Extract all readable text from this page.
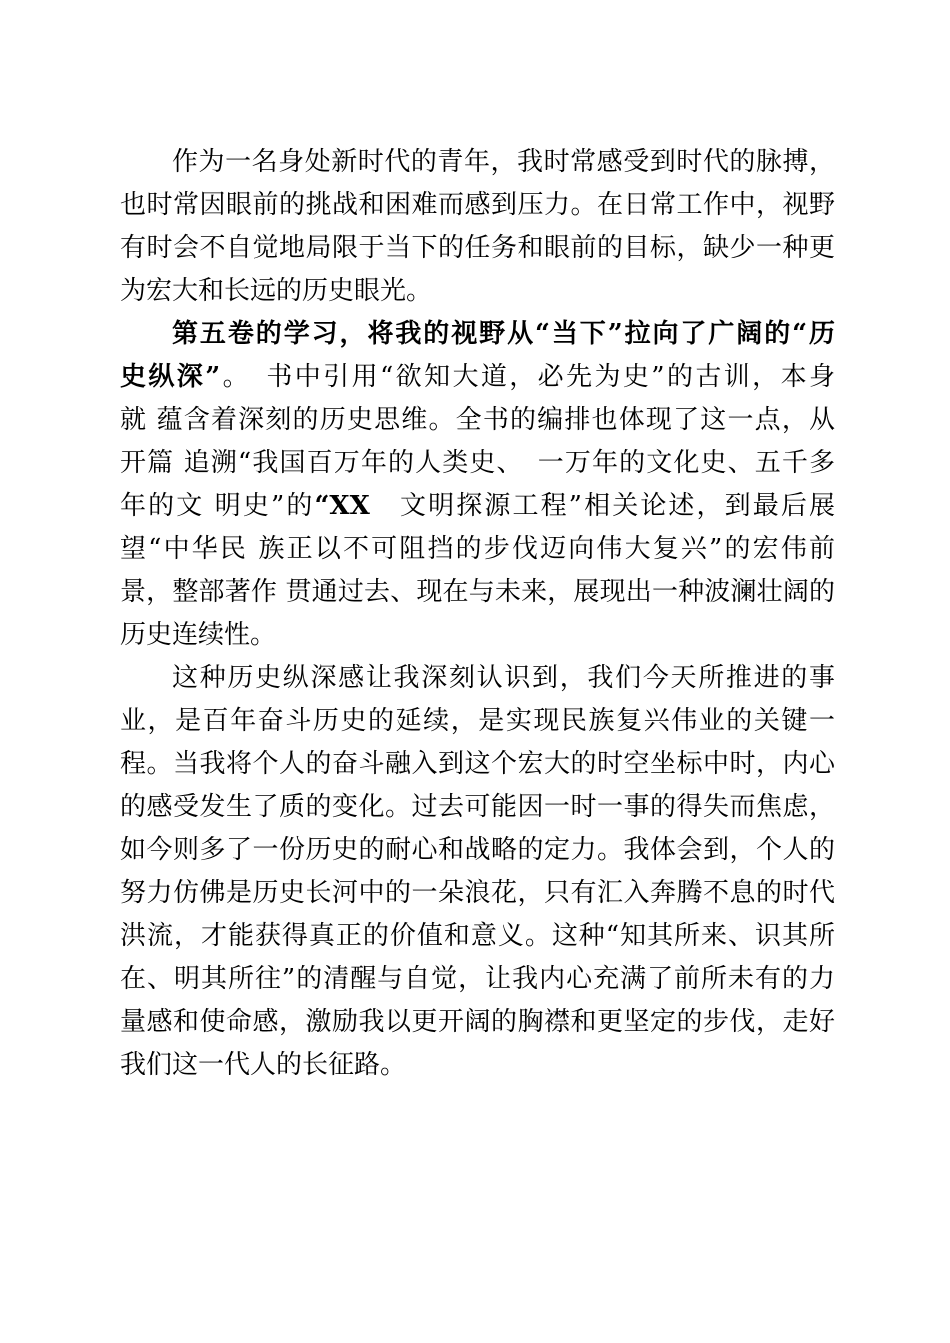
作为一名身处新时代的青年，我时常感受到时代的脉搏，
也时常因眼前的挑战和困难而感到压力。在日常工作中，视野
有时会不自觉地局限于当下的任务和眼前的目标，缺少一种更
为宏大和长远的历史眼光。
第五卷的学习，将我的视野从“当下”拉向了广阔的“历
史纵深”。　书中引用“欲知大道，必先为史”的古训，本身
就 蕴含着深刻的历史思维。全书的编排也体现了这一点，从
开篇 追溯“我国百万年的人类史、　一万年的文化史、五千多
年的文 明史”的“XX　文明探源工程”相关论述，到最后展
望“中华民 族正以不可阻挡的步伐迈向伟大复兴”的宏伟前
景，整部著作 贯通过去、现在与未来，展现出一种波澜壮阔的
历史连续性。
这种历史纵深感让我深刻认识到，我们今天所推进的事
业，是百年奋斗历史的延续，是实现民族复兴伟业的关键一
程。当我将个人的奋斗融入到这个宏大的时空坐标中时，内心
的感受发生了质的变化。过去可能因一时一事的得失而焦虑，
如今则多了一份历史的耐心和战略的定力。我体会到，个人的
努力仿佛是历史长河中的一朵浪花，只有汇入奔腾不息的时代
洪流，才能获得真正的价值和意义。这种“知其所来、识其所
在、明其所往”的清醒与自觉，让我内心充满了前所未有的力
量感和使命感，激励我以更开阔的胸襟和更坚定的步伐，走好
我们这一代人的长征路。
